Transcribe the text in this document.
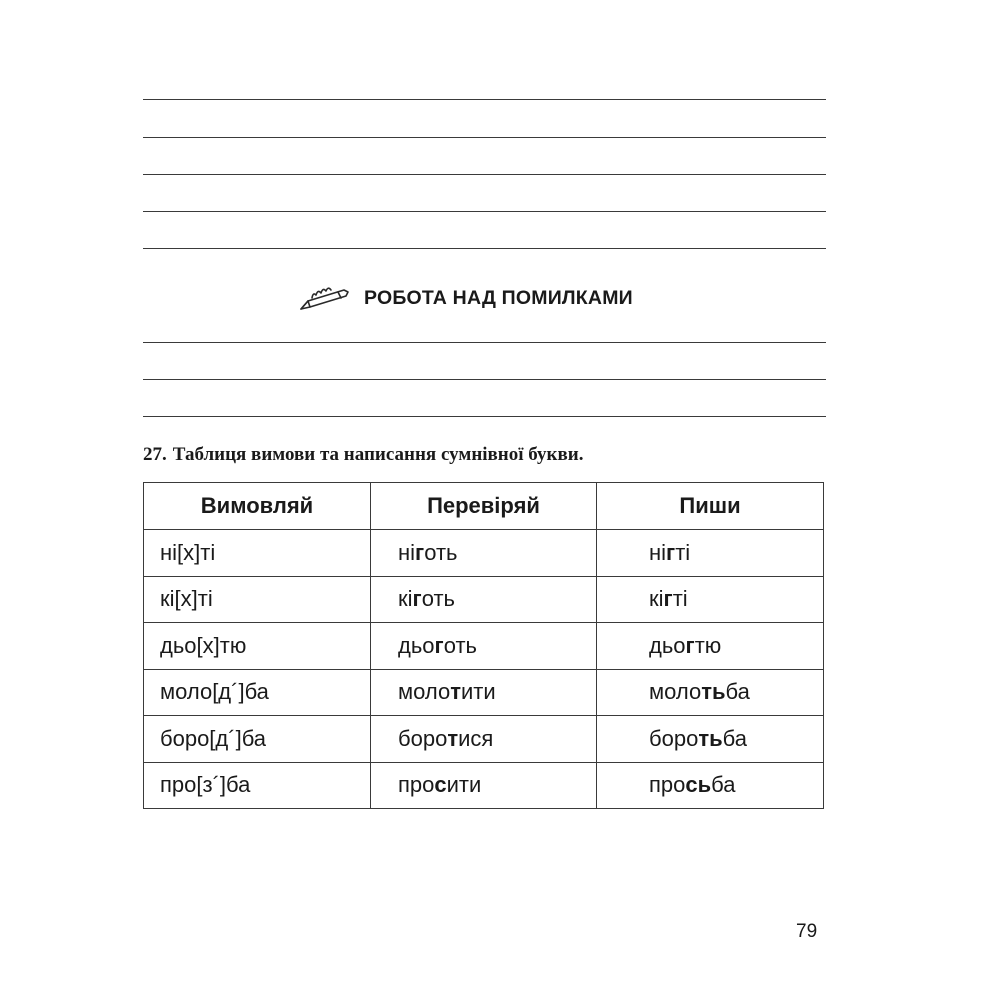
РОБОТА НАД ПОМИЛКАМИ
27. Таблиця вимови та написання сумнівної букви.
Вимовляй	Перевіряй	Пиши
ні[х]ті	ніготь	нігті
кі[х]ті	кіготь	кігті
дьо[х]тю	дьоготь	дьогтю
моло[д´]ба	молотити	молотьба
боро[д´]ба	боротися	боротьба
про[з´]ба	просити	просьба
79
